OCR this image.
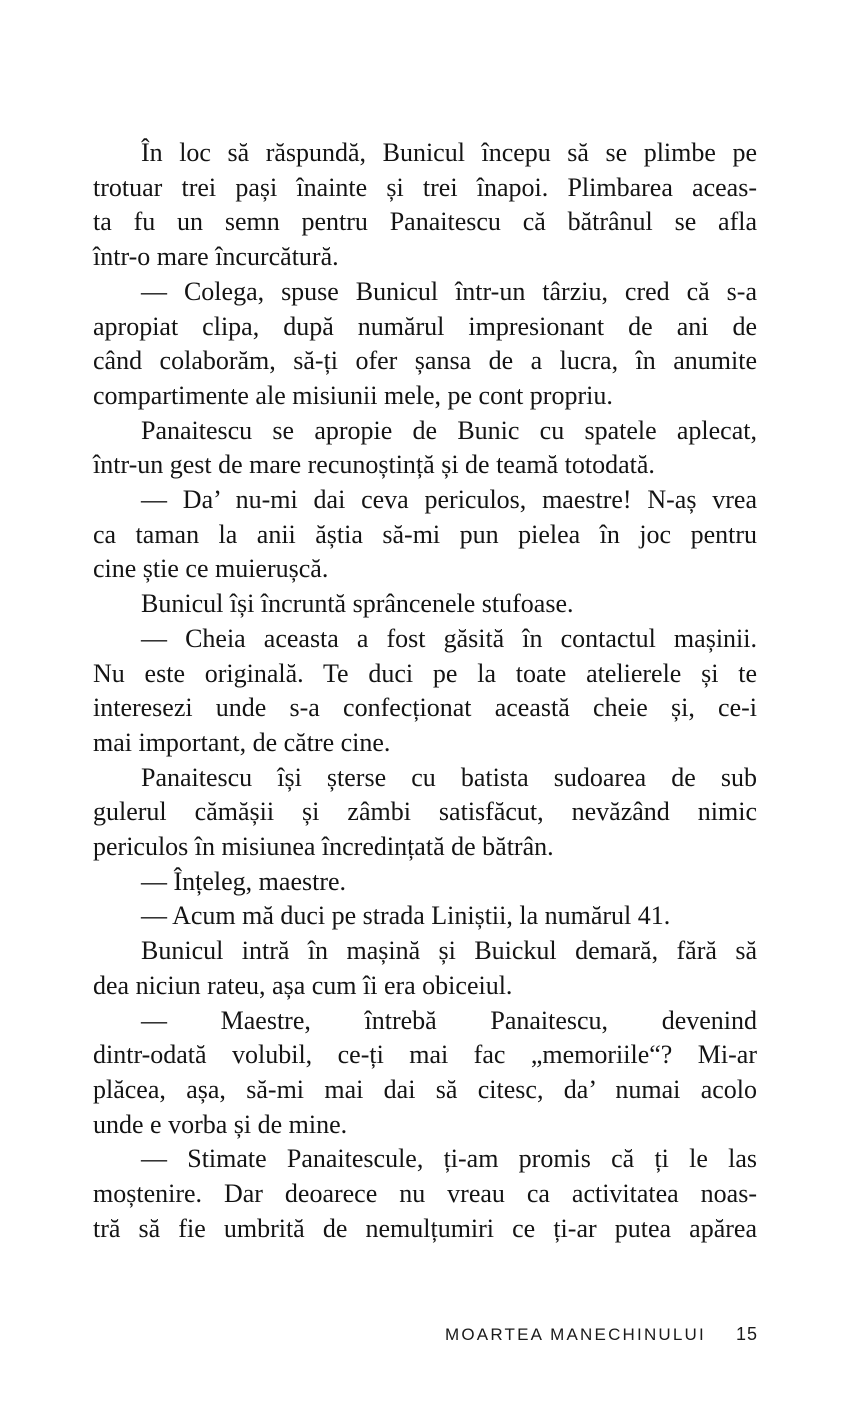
În loc să răspundă, Bunicul începu să se plimbe pe
trotuar trei pași înainte și trei înapoi. Plimbarea aceas-
ta fu un semn pentru Panaitescu că bătrânul se afla
într-o mare încurcătură.
— Colega, spuse Bunicul într-un târziu, cred că s-a
apropiat clipa, după numărul impresionant de ani de
când colaborăm, să-ți ofer șansa de a lucra, în anumite
compartimente ale misiunii mele, pe cont propriu.
Panaitescu se apropie de Bunic cu spatele aplecat,
într-un gest de mare recunoștință și de teamă totodată.
— Da’ nu-mi dai ceva periculos, maestre! N-aș vrea
ca taman la anii ăștia să-mi pun pielea în joc pentru
cine știe ce muierușcă.
Bunicul își încruntă sprâncenele stufoase.
— Cheia aceasta a fost găsită în contactul mașinii.
Nu este originală. Te duci pe la toate atelierele și te
interesezi unde s-a confecționat această cheie și, ce-i
mai important, de către cine.
Panaitescu își șterse cu batista sudoarea de sub
gulerul cămășii și zâmbi satisfăcut, nevăzând nimic
periculos în misiunea încredințată de bătrân.
— Înțeleg, maestre.
— Acum mă duci pe strada Liniștii, la numărul 41.
Bunicul intră în mașină și Buickul demară, fără să
dea niciun rateu, așa cum îi era obiceiul.
— Maestre, întrebă Panaitescu, devenind
dintr-odată volubil, ce-ți mai fac „memoriile“? Mi-ar
plăcea, așa, să-mi mai dai să citesc, da’ numai acolo
unde e vorba și de mine.
— Stimate Panaitescule, ți-am promis că ți le las
moștenire. Dar deoarece nu vreau ca activitatea noas-
tră să fie umbrită de nemulțumiri ce ți-ar putea apărea
MOARTEA MANECHINULUI 15
